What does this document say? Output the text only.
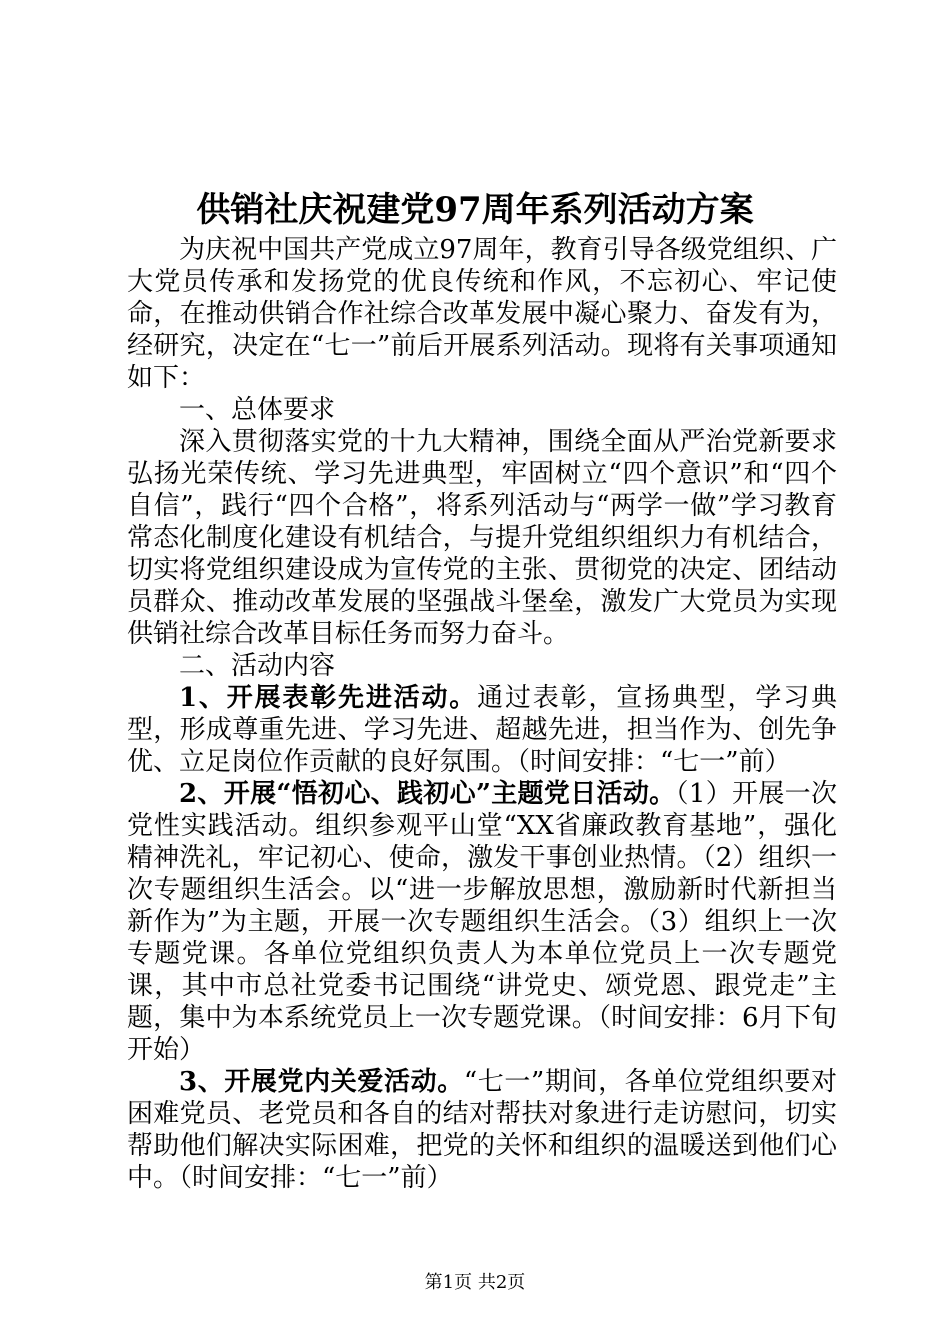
供销社庆祝建党97周年系列活动方案

为庆祝中国共产党成立97周年，教育引导各级党组织、广大党员传承和发扬党的优良传统和作风，不忘初心、牢记使命，在推动供销合作社综合改革发展中凝心聚力、奋发有为，经研究，决定在“七一”前后开展系列活动。现将有关事项通知如下：

一、总体要求

深入贯彻落实党的十九大精神，围绕全面从严治党新要求弘扬光荣传统、学习先进典型，牢固树立“四个意识”和“四个自信”，践行“四个合格”，将系列活动与“两学一做”学习教育常态化制度化建设有机结合，与提升党组织组织力有机结合，切实将党组织建设成为宣传党的主张、贯彻党的决定、团结动员群众、推动改革发展的坚强战斗堡垒，激发广大党员为实现供销社综合改革目标任务而努力奋斗。

二、活动内容

1、开展表彰先进活动。通过表彰，宣扬典型，学习典型，形成尊重先进、学习先进、超越先进，担当作为、创先争优、立足岗位作贡献的良好氛围。（时间安排：“七一”前）

2、开展“悟初心、践初心”主题党日活动。（1）开展一次党性实践活动。组织参观平山堂“XX省廉政教育基地”，强化精神洗礼，牢记初心、使命，激发干事创业热情。（2）组织一次专题组织生活会。以“进一步解放思想，激励新时代新担当新作为”为主题，开展一次专题组织生活会。（3）组织上一次专题党课。各单位党组织负责人为本单位党员上一次专题党课，其中市总社党委书记围绕“讲党史、颂党恩、跟党走”主题，集中为本系统党员上一次专题党课。（时间安排：6月下旬开始）

3、开展党内关爱活动。“七一”期间，各单位党组织要对困难党员、老党员和各自的结对帮扶对象进行走访慰问，切实帮助他们解决实际困难，把党的关怀和组织的温暖送到他们心中。（时间安排：“七一”前）

第1页 共2页
